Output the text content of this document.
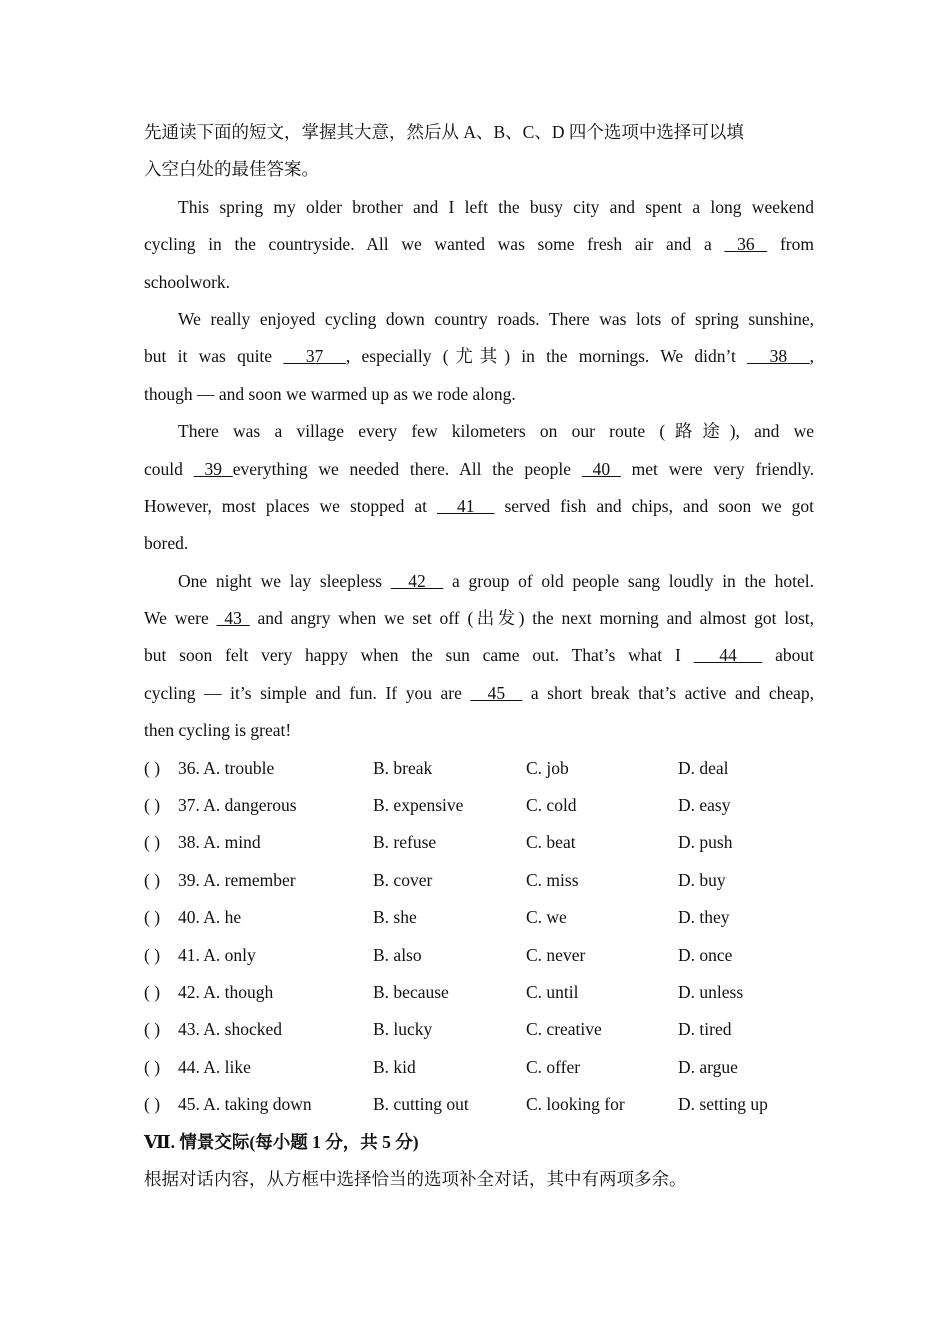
先通读下面的短文，掌握其大意，然后从 A、B、C、D 四个选项中选择可以填
入空白处的最佳答案。
This spring my older brother and I left the busy city and spent a long weekend
cycling in the countryside. All we wanted was some fresh air and a  36  from
schoolwork.
We really enjoyed cycling down country roads. There was lots of spring sunshine,
but it was quite   37  , especially (尤其) in the mornings. We didn’t   38  ,
though — and soon we warmed up as we rode along.
There was a village every few kilometers on our route (路途), and we
could  39 everything we needed there. All the people  40  met were very friendly.
However, most places we stopped at   41   served fish and chips, and soon we got
bored.
One night we lay sleepless   42   a group of old people sang loudly in the hotel.
We were  43  and angry when we set off (出发) the next morning and almost got lost,
but soon felt very happy when the sun came out. That’s what I   44   about
cycling — it’s simple and fun. If you are   45   a short break that’s active and cheap,
then cycling is great!
( ) 36. A. trouble	B. break	C. job	D. deal
( ) 37. A. dangerous	B. expensive	C. cold	D. easy
( ) 38. A. mind	B. refuse	C. beat	D. push
( ) 39. A. remember	B. cover	C. miss	D. buy
( ) 40. A. he	B. she	C. we	D. they
( ) 41. A. only	B. also	C. never	D. once
( ) 42. A. though	B. because	C. until	D. unless
( ) 43. A. shocked	B. lucky	C. creative	D. tired
( ) 44. A. like	B. kid	C. offer	D. argue
( ) 45. A. taking down	B. cutting out	C. looking for	D. setting up
Ⅶ. 情景交际(每小题 1 分，共 5 分)
根据对话内容，从方框中选择恰当的选项补全对话，其中有两项多余。
